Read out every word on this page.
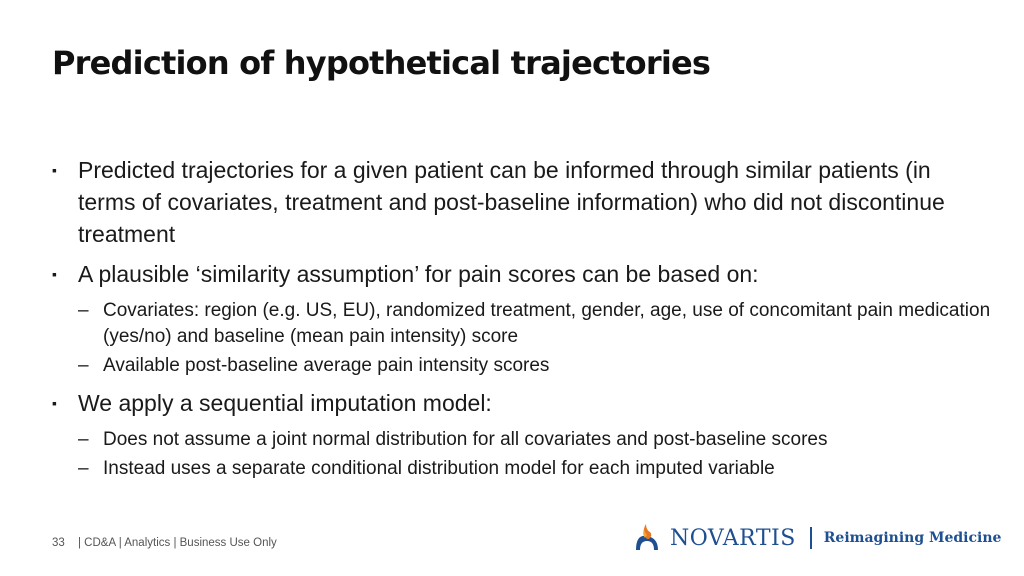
Prediction of hypothetical trajectories
▪ Predicted trajectories for a given patient can be informed through similar patients (in terms of covariates, treatment and post-baseline information) who did not discontinue treatment
▪ A plausible ‘similarity assumption’ for pain scores can be based on:
– Covariates: region (e.g. US, EU), randomized treatment, gender, age, use of concomitant pain medication (yes/no) and baseline (mean pain intensity) score
– Available post-baseline average pain intensity scores
▪ We apply a sequential imputation model:
– Does not assume a joint normal distribution for all covariates and post-baseline scores
– Instead uses a separate conditional distribution model for each imputed variable
33 | CD&A | Analytics | Business Use Only	NOVARTIS Reimagining Medicine
